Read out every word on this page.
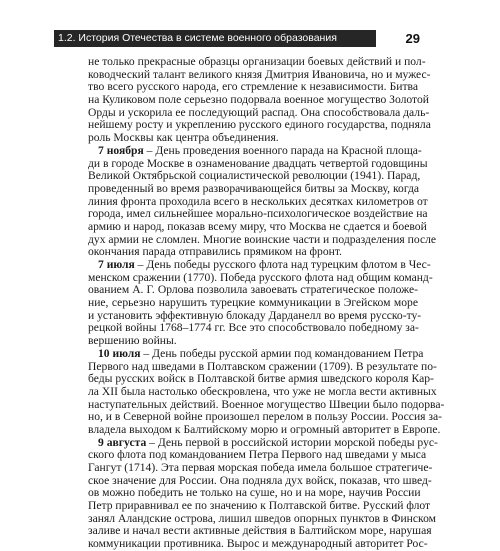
1.2. История Отечества в системе военного образования	29
не только прекрасные образцы организации боевых действий и пол-
ководческий талант великого князя Дмитрия Ивановича, но и мужес-
тво всего русского народа, его стремление к независимости. Битва
на Куликовом поле серьезно подорвала военное могущество Золотой
Орды и ускорила ее последующий распад. Она способствовала даль-
нейшему росту и укреплению русского единого государства, подняла
роль Москвы как центра объединения.
7 ноября – День проведения военного парада на Красной площа-
ди в городе Москве в ознаменование двадцать четвертой годовщины
Великой Октябрьской социалистической революции (1941). Парад,
проведенный во время разворачивающейся битвы за Москву, когда
линия фронта проходила всего в нескольких десятках километров от
города, имел сильнейшее морально-психологическое воздействие на
армию и народ, показав всему миру, что Москва не сдается и боевой
дух армии не сломлен. Многие воинские части и подразделения после
окончания парада отправились прямиком на фронт.
7 июля – День победы русского флота над турецким флотом в Чес-
менском сражении (1770). Победа русского флота над общим команд-
ованием А. Г. Орлова позволила завоевать стратегическое положе-
ние, серьезно нарушить турецкие коммуникации в Эгейском море
и установить эффективную блокаду Дарданелл во время русско-ту-
рецкой войны 1768–1774 гг. Все это способствовало победному за-
вершению войны.
10 июля – День победы русской армии под командованием Петра
Первого над шведами в Полтавском сражении (1709). В результате по-
беды русских войск в Полтавской битве армия шведского короля Кар-
ла XII была настолько обескровлена, что уже не могла вести активных
наступательных действий. Военное могущество Швеции было подорва-
но, и в Северной войне произошел перелом в пользу России. Россия за-
владела выходом к Балтийскому морю и огромный авторитет в Европе.
9 августа – День первой в российской истории морской победы рус-
ского флота под командованием Петра Первого над шведами у мыса
Гангут (1714). Эта первая морская победа имела большое стратегиче-
ское значение для России. Она подняла дух войск, показав, что швед-
ов можно победить не только на суше, но и на море, научив России
Петр приравнивал ее по значению к Полтавской битве. Русский флот
занял Аландские острова, лишил шведов опорных пунктов в Финском
заливе и начал вести активные действия в Балтийском море, нарушая
коммуникации противника. Вырос и международный авторитет Рос-
